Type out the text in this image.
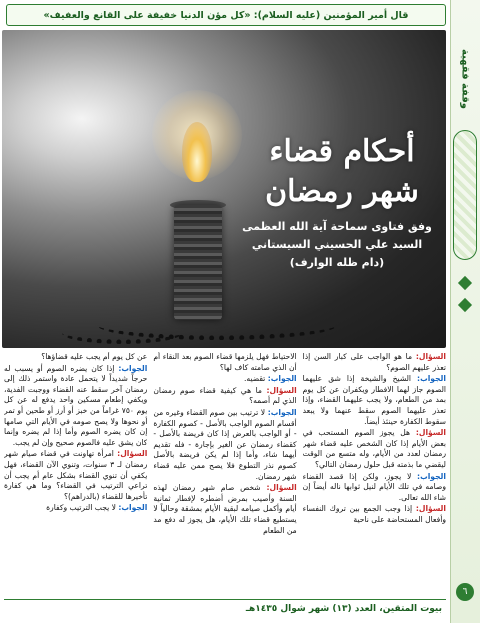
قال أمير المؤمنين (عليه السلام): «كل مؤن الدنيا خفيفة على القانع والعفيف»
وقفة فقهية
٦
أحكام قضاء
شهر رمضان
وفق فتاوى سماحة آية الله العظمى
السيد علي الحسيني السيستاني (دام ظله الوارف)

السؤال: ما هو الواجب على كبار السن إذا تعذر عليهم الصوم؟

الجواب: الشيخ والشيخة إذا شق عليهما الصوم جاز لهما الافطار ويكفران عن كل يوم بمد من الطعام، ولا يجب عليهما القضاء، وإذا تعذر عليهما الصوم سقط عنهما ولا يبعد سقوط الكفارة حينئذ أيضاً.

السؤال: هل يجوز الصوم المستحب في بعض الأيام إذا كان الشخص عليه قضاء شهر رمضان لعدد من الأيام، وله متسع من الوقت ليقضي ما بذمته قبل حلول رمضان التالي؟

الجواب: لا يجوز، ولكن إذا قصد القضاء وصامه في تلك الأيام لنيل ثوابها ناله أيضاً إن شاء الله تعالى.

السؤال: إذا وجب الجمع بين تروك النفساء وأفعال المستحاضة على ناحية

الاحتياط فهل يلزمها قضاء الصوم بعد النقاء أم أن الذي صامته كاف لها؟

الجواب: تقضيه.

السؤال: ما هي كيفية قضاء صوم رمضان الذي لم أصمه؟

الجواب: لا ترتيب بين صوم القضاء وغيره من أقسام الصوم الواجب بالأصل - كصوم الكفارة - أو الواجب بالعرض إذا كان فريضة بالأصل - كقضاء رمضان عن الغير بإجارة - فله تقديم أيهما شاء، وأما إذا لم يكن فريضة بالأصل كصوم نذر التطوع فلا يصح ممن عليه قضاء شهر رمضان.

السؤال: شخص صام شهر رمضان لهذه السنة وأصيب بمرض أضطره لإفطار ثمانية أيام وأكمل صيامه لبقية الأيام بمشقة وحالياً لا يستطيع قضاء تلك الأيام، هل يجوز له دفع مد من الطعام

عن كل يوم أم يجب عليه قضاؤها؟

الجواب: إذا كان يضره الصوم أو يسبب له حرجاً شديداً لا يتحمل عادة واستمر ذلك إلى رمضان آخر سقط عنه القضاء ووجبت الفدية، ويكفي إطعام مسكين واحد يدفع له عن كل يوم ٧٥٠ غراماً من خبز أو أرز أو طحين أو تمر أو نحوها ولا يصح صومه في الأيام التي صامها إن كان يضره الصوم وأما إذا لم يضره وإنما كان يشق عليه فالصوم صحيح وإن لم يجب.

السؤال: امرأة تهاونت في قضاء صيام شهر رمضان لـ ٣ سنوات، وتنوي الآن القضاء، فهل يكفي أن تنوي القضاء بشكل عام أم يجب أن تراعي الترتيب في القضاء؟ وما هي كفارة تأخيرها للقضاء (بالدراهم)؟

الجواب: لا يجب الترتيب وكفارة

بيوت المتقين، العدد (١٣) شهر شوال ١٤٣٥هـ
